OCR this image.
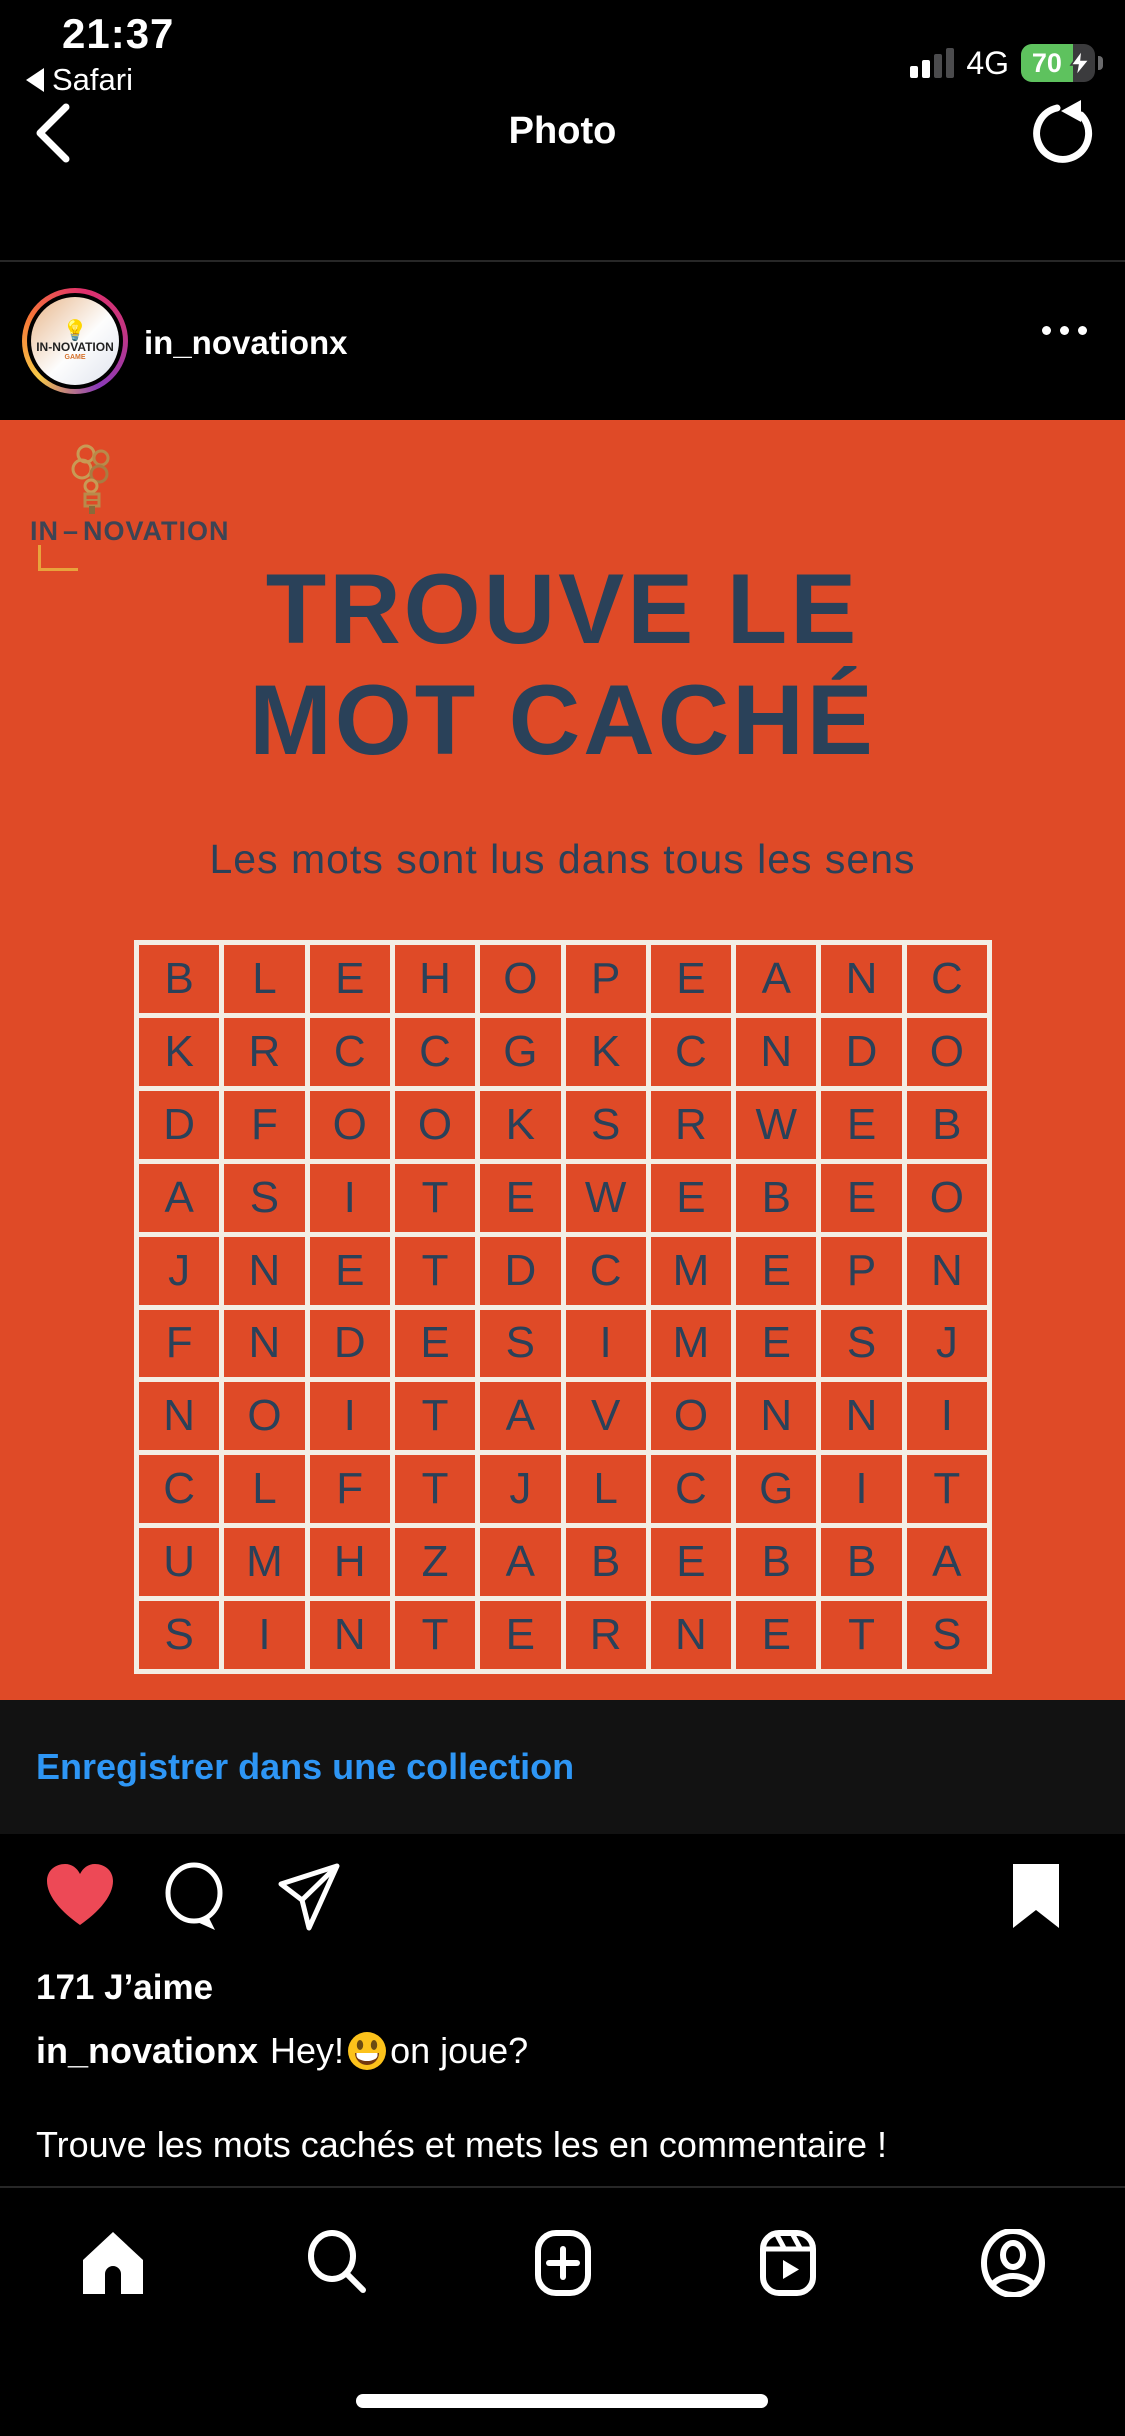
21:37
Safari	4G 70
Photo
💡
IN-NOVATION
GAME in_novationx
IN – NOVATION
TROUVE LE
MOT CACHÉ
Les mots sont lus dans tous les sens
B	L	E	H	O	P	E	A	N	C
K	R	C	C	G	K	C	N	D	O
D	F	O	O	K	S	R	W	E	B
A	S	I	T	E	W	E	B	E	O
J	N	E	T	D	C	M	E	P	N
F	N	D	E	S	I	M	E	S	J
N	O	I	T	A	V	O	N	N	I
C	L	F	T	J	L	C	G	I	T
U	M	H	Z	A	B	E	B	B	A
S	I	N	T	E	R	N	E	T	S
Enregistrer dans une collection
171 J’aime
in_novationx Hey! on joue?
Trouve les mots cachés et mets les en commentaire !
